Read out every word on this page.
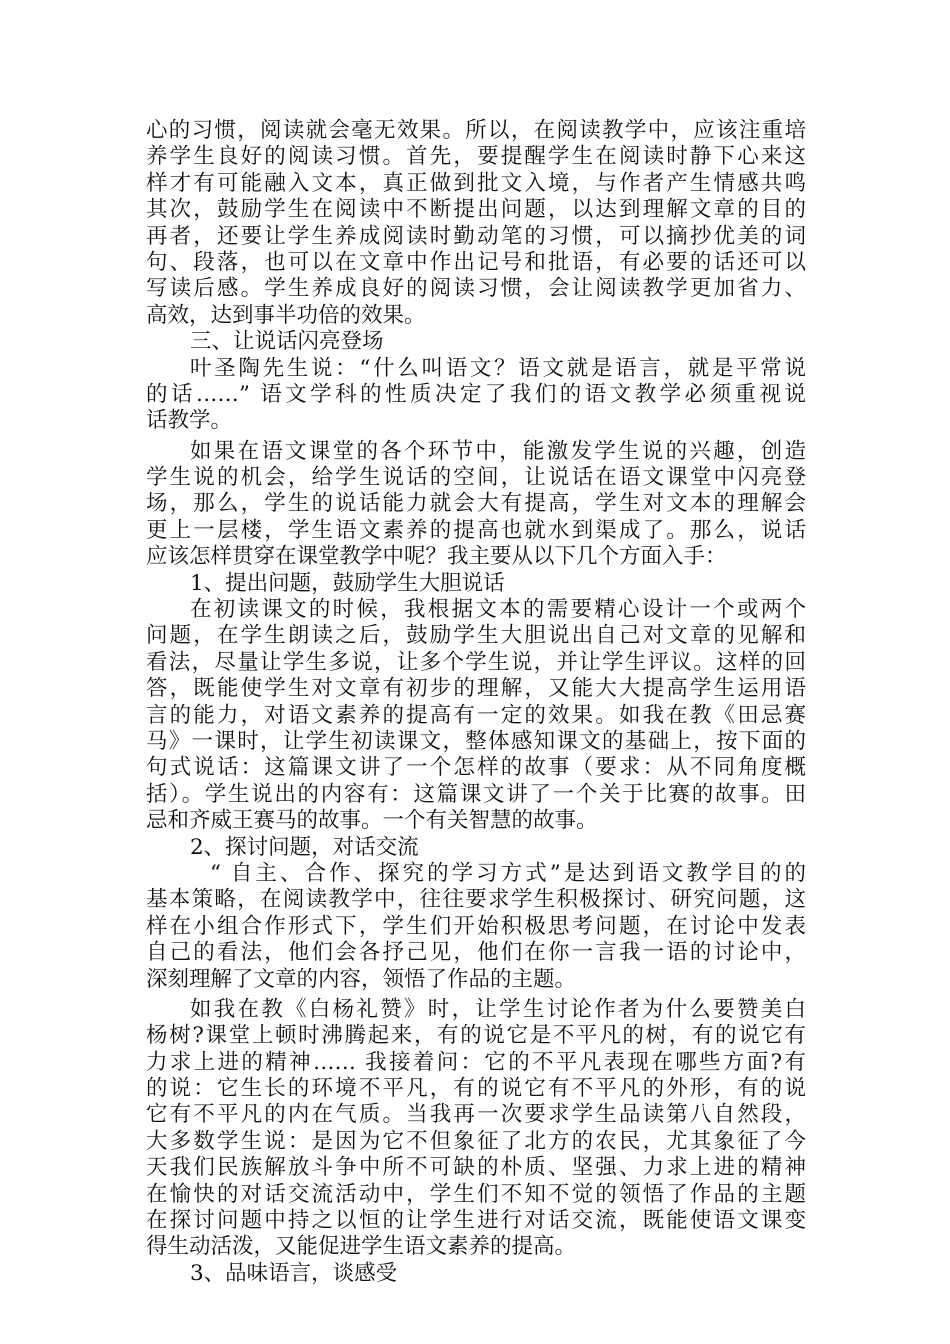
心的习惯，阅读就会毫无效果。所以，在阅读教学中，应该注重培
养学生良好的阅读习惯。首先，要提醒学生在阅读时静下心来这
样才有可能融入文本，真正做到批文入境，与作者产生情感共鸣
其次，鼓励学生在阅读中不断提出问题，以达到理解文章的目的
再者，还要让学生养成阅读时勤动笔的习惯，可以摘抄优美的词
句、段落，也可以在文章中作出记号和批语，有必要的话还可以
写读后感。学生养成良好的阅读习惯，会让阅读教学更加省力、
高效，达到事半功倍的效果。
三、让说话闪亮登场
叶圣陶先生说：“什么叫语文？语文就是语言，就是平常说
的话……” 语文学科的性质决定了我们的语文教学必须重视说
话教学。
如果在语文课堂的各个环节中，能激发学生说的兴趣，创造
学生说的机会，给学生说话的空间，让说话在语文课堂中闪亮登
场，那么，学生的说话能力就会大有提高，学生对文本的理解会
更上一层楼，学生语文素养的提高也就水到渠成了。那么，说话
应该怎样贯穿在课堂教学中呢？我主要从以下几个方面入手：
1、提出问题，鼓励学生大胆说话
在初读课文的时候，我根据文本的需要精心设计一个或两个
问题，在学生朗读之后，鼓励学生大胆说出自己对文章的见解和
看法，尽量让学生多说，让多个学生说，并让学生评议。这样的回
答，既能使学生对文章有初步的理解，又能大大提高学生运用语
言的能力，对语文素养的提高有一定的效果。如我在教《田忌赛
马》一课时，让学生初读课文，整体感知课文的基础上，按下面的
句式说话：这篇课文讲了一个怎样的故事（要求：从不同角度概
括）。学生说出的内容有：这篇课文讲了一个关于比赛的故事。田
忌和齐威王赛马的故事。一个有关智慧的故事。
2、探讨问题，对话交流
“ 自主、合作、探究的学习方式”是达到语文教学目的的
基本策略，在阅读教学中，往往要求学生积极探讨、研究问题，这
样在小组合作形式下，学生们开始积极思考问题，在讨论中发表
自己的看法，他们会各抒己见，他们在你一言我一语的讨论中，
深刻理解了文章的内容，领悟了作品的主题。
如我在教《白杨礼赞》时，让学生讨论作者为什么要赞美白
杨树?课堂上顿时沸腾起来，有的说它是不平凡的树，有的说它有
力求上进的精神…… 我接着问：它的不平凡表现在哪些方面?有
的说：它生长的环境不平凡，有的说它有不平凡的外形，有的说
它有不平凡的内在气质。当我再一次要求学生品读第八自然段，
大多数学生说：是因为它不但象征了北方的农民，尤其象征了今
天我们民族解放斗争中所不可缺的朴质、坚强、力求上进的精神
在愉快的对话交流活动中，学生们不知不觉的领悟了作品的主题
在探讨问题中持之以恒的让学生进行对话交流，既能使语文课变
得生动活泼，又能促进学生语文素养的提高。
3、品味语言，谈感受
